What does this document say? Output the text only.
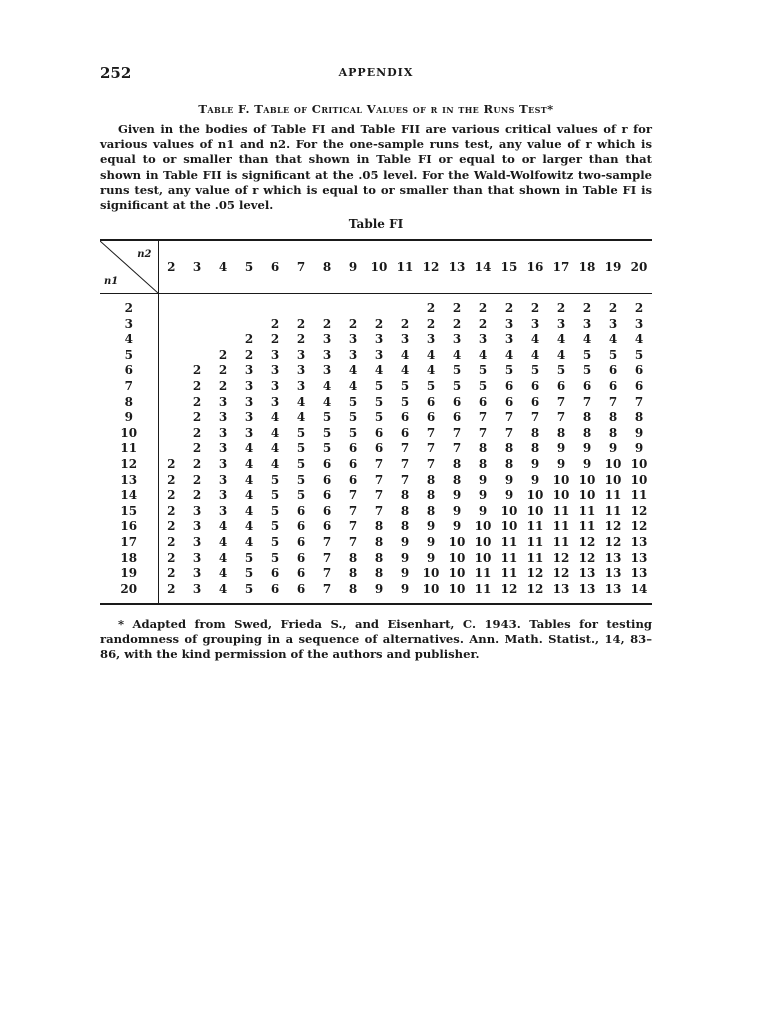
252	APPENDIX
Table F. Table of Critical Values of r in the Runs Test*
Given in the bodies of Table FI and Table FII are various critical values of r for various values of n1 and n2. For the one-sample runs test, any value of r which is equal to or smaller than that shown in Table FI or equal to or larger than that shown in Table FII is significant at the .05 level. For the Wald-Wolfowitz two-sample runs test, any value of r which is equal to or smaller than that shown in Table FI is significant at the .05 level.
Table FI
n2
n1	2	3	4	5	6	7	8	9	10	11	12	13	14	15	16	17	18	19	20
2											2	2	2	2	2	2	2	2	2
3					2	2	2	2	2	2	2	2	2	3	3	3	3	3	3
4				2	2	2	3	3	3	3	3	3	3	3	4	4	4	4	4
5			2	2	3	3	3	3	3	4	4	4	4	4	4	4	5	5	5
6		2	2	3	3	3	3	4	4	4	4	5	5	5	5	5	5	6	6
7		2	2	3	3	3	4	4	5	5	5	5	5	6	6	6	6	6	6
8		2	3	3	3	4	4	5	5	5	6	6	6	6	6	7	7	7	7
9		2	3	3	4	4	5	5	5	6	6	6	7	7	7	7	8	8	8
10		2	3	3	4	5	5	5	6	6	7	7	7	7	8	8	8	8	9
11		2	3	4	4	5	5	6	6	7	7	7	8	8	8	9	9	9	9
12	2	2	3	4	4	5	6	6	7	7	7	8	8	8	9	9	9	10	10
13	2	2	3	4	5	5	6	6	7	7	8	8	9	9	9	10	10	10	10
14	2	2	3	4	5	5	6	7	7	8	8	9	9	9	10	10	10	11	11
15	2	3	3	4	5	6	6	7	7	8	8	9	9	10	10	11	11	11	12
16	2	3	4	4	5	6	6	7	8	8	9	9	10	10	11	11	11	12	12
17	2	3	4	4	5	6	7	7	8	9	9	10	10	11	11	11	12	12	13
18	2	3	4	5	5	6	7	8	8	9	9	10	10	11	11	12	12	13	13
19	2	3	4	5	6	6	7	8	8	9	10	10	11	11	12	12	13	13	13
20	2	3	4	5	6	6	7	8	9	9	10	10	11	12	12	13	13	13	14
* Adapted from Swed, Frieda S., and Eisenhart, C. 1943. Tables for testing randomness of grouping in a sequence of alternatives. Ann. Math. Statist., 14, 83–86, with the kind permission of the authors and publisher.
